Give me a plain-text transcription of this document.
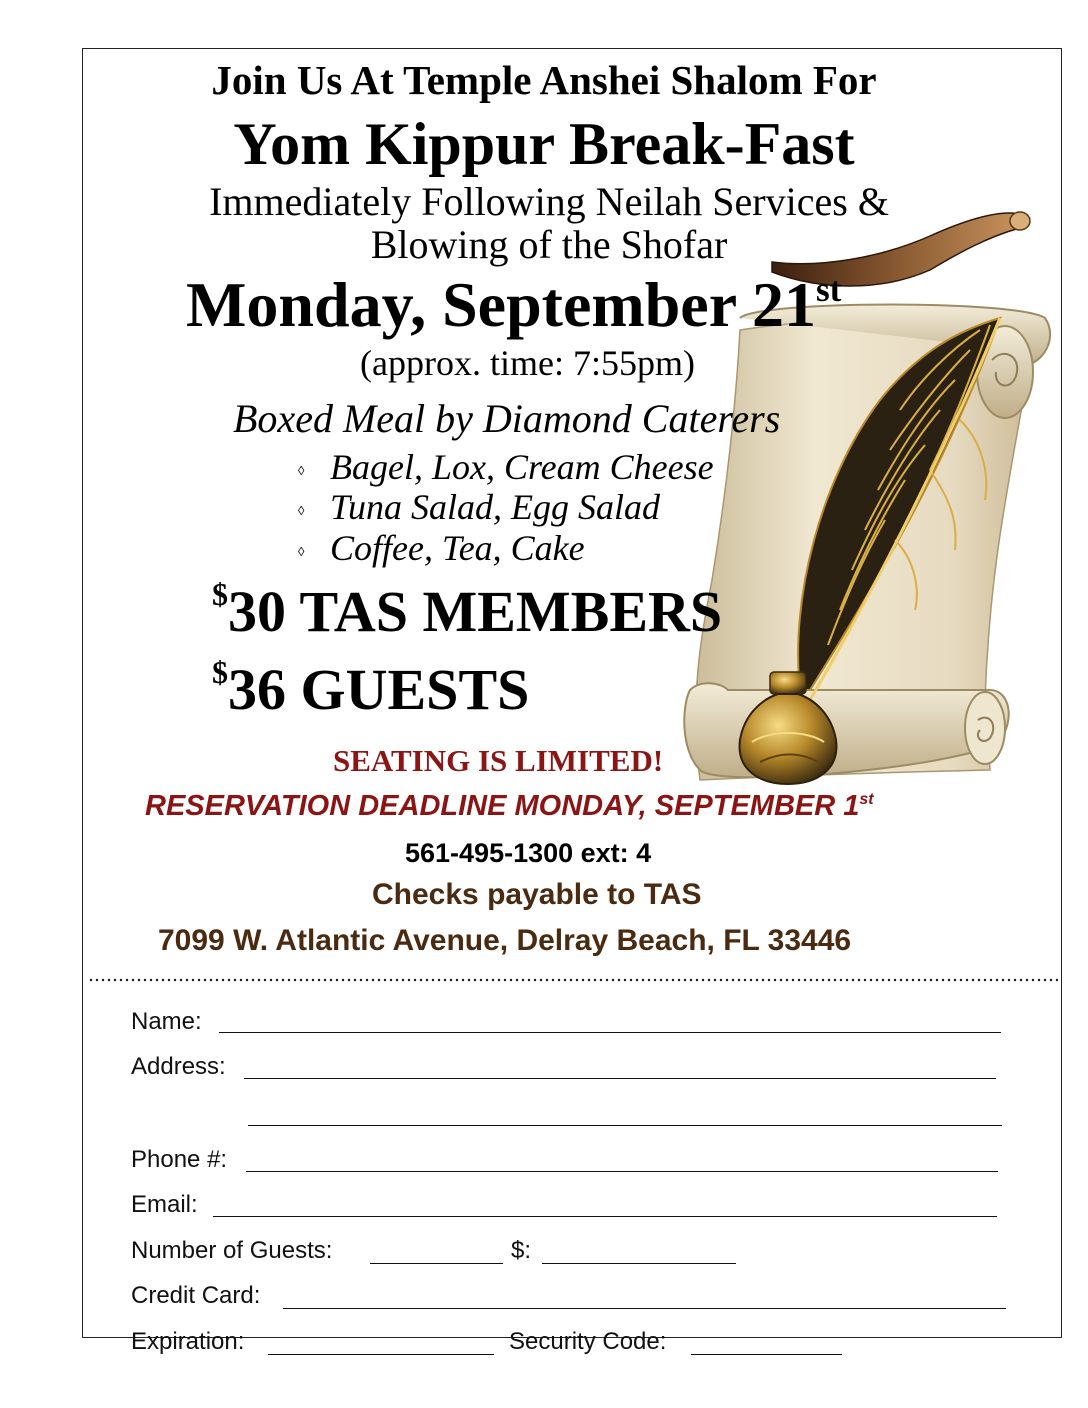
Join Us At Temple Anshei Shalom For
Yom Kippur Break-Fast
Immediately Following Neilah Services &
Blowing of the Shofar
Monday, September 21st
(approx. time: 7:55pm)
Boxed Meal by Diamond Caterers
◊ Bagel, Lox, Cream Cheese
◊ Tuna Salad, Egg Salad
◊ Coffee, Tea, Cake
$30 TAS MEMBERS
$36 GUESTS
SEATING IS LIMITED!
RESERVATION DEADLINE MONDAY, SEPTEMBER 1st
561-495-1300 ext: 4
Checks payable to TAS
7099 W. Atlantic Avenue, Delray Beach, FL 33446
Name:
Address:
Phone #:
Email:
Number of Guests:	$:
Credit Card:
Expiration:	Security Code:
